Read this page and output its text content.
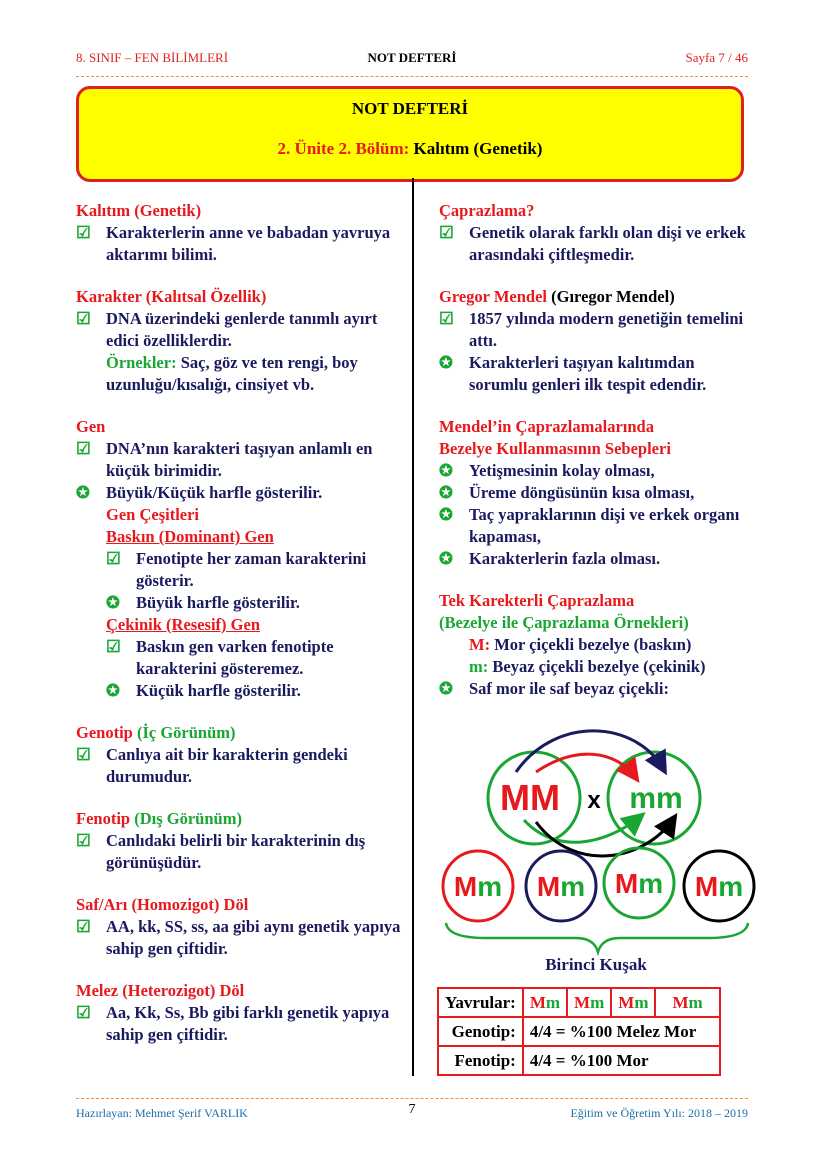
8. SINIF – FEN BİLİMLERİ	NOT DEFTERİ	Sayfa 7 / 46
NOT DEFTERİ
2. Ünite 2. Bölüm: Kalıtım (Genetik)

Kalıtım (Genetik)

☑ Karakterlerin anne ve babadan yavruya aktarımı bilimi.

Karakter (Kalıtsal Özellik)

☑ DNA üzerindeki genlerde tanımlı ayırt edici özelliklerdir.

Örnekler: Saç, göz ve ten rengi, boy uzunluğu/kısalığı, cinsiyet vb.

Gen

☑ DNA’nın karakteri taşıyan anlamlı en küçük birimidir.

✪ Büyük/Küçük harfle gösterilir.

Gen Çeşitleri

Baskın (Dominant) Gen

☑ Fenotipte her zaman karakterini gösterir.

✪ Büyük harfle gösterilir.

Çekinik (Resesif) Gen

☑ Baskın gen varken fenotipte karakterini gösteremez.

✪ Küçük harfle gösterilir.

Genotip (İç Görünüm)

☑ Canlıya ait bir karakterin gendeki durumudur.

Fenotip (Dış Görünüm)

☑ Canlıdaki belirli bir karakterinin dış görünüşüdür.

Saf/Arı (Homozigot) Döl

☑ AA, kk, SS, ss, aa gibi aynı genetik yapıya sahip gen çiftidir.

Melez (Heterozigot) Döl

☑ Aa, Kk, Ss, Bb gibi farklı genetik yapıya sahip gen çiftidir.

Çaprazlama?

☑ Genetik olarak farklı olan dişi ve erkek arasındaki çiftleşmedir.

Gregor Mendel (Gıregor Mendel)

☑ 1857 yılında modern genetiğin temelini attı.

✪ Karakterleri taşıyan kalıtımdan sorumlu genleri ilk tespit edendir.

Mendel’in Çaprazlamalarında

Bezelye Kullanmasının Sebepleri

✪ Yetişmesinin kolay olması,

✪ Üreme döngüsünün kısa olması,

✪ Taç yapraklarının dişi ve erkek organı kapaması,

✪ Karakterlerin fazla olması.

Tek Karekterli Çaprazlama

(Bezelye ile Çaprazlama Örnekleri)

M: Mor çiçekli bezelye (baskın)

m: Beyaz çiçekli bezelye (çekinik)

✪ Saf mor ile saf beyaz çiçekli:

MM x mm
Mm Mm Mm Mm
Birinci Kuşak
Yavrular:	Mm	Mm	Mm	Mm
Genotip:	4/4 = %100 Melez Mor			
Fenotip:	4/4 = %100 Mor			
Hazırlayan: Mehmet Şerif VARLIK	7	Eğitim ve Öğretim Yılı: 2018 – 2019
